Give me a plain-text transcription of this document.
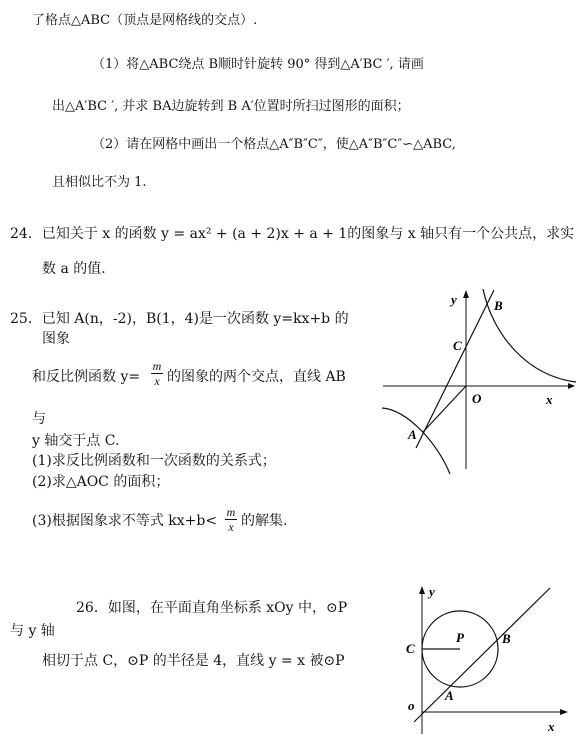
了格点△ABC（顶点是网格线的交点）.
（1）将△ABC绕点 B顺时针旋转 90° 得到△A′BC ′, 请画
出△A′BC ′, 并求 BA边旋转到 B A′位置时所扫过图形的面积；
（2）请在网格中画出一个格点△A″B″C″，使△A″B″C″∽△ABC,
且相似比不为 1.
24．已知关于 x 的函数 y = ax² + (a + 2)x + a + 1的图象与 x 轴只有一个公共点，求实
数 a 的值.
25．已知 A(n，-2)，B(1，4)是一次函数 y=kx+b 的
图象
和反比例函数 y=
m
x 的图象的两个交点，直线 AB
与
y 轴交于点 C.
(1)求反比例函数和一次函数的关系式；
(2)求△AOC 的面积；
(3)根据图象求不等式 kx+b<
m
x 的解集.
y
x
O
B
C
A
26．如图，在平面直角坐标系 xOy 中，⊙P
与 y 轴
相切于点 C，⊙P 的半径是 4，直线 y = x 被⊙P
y
x
o
P
C
B
A
